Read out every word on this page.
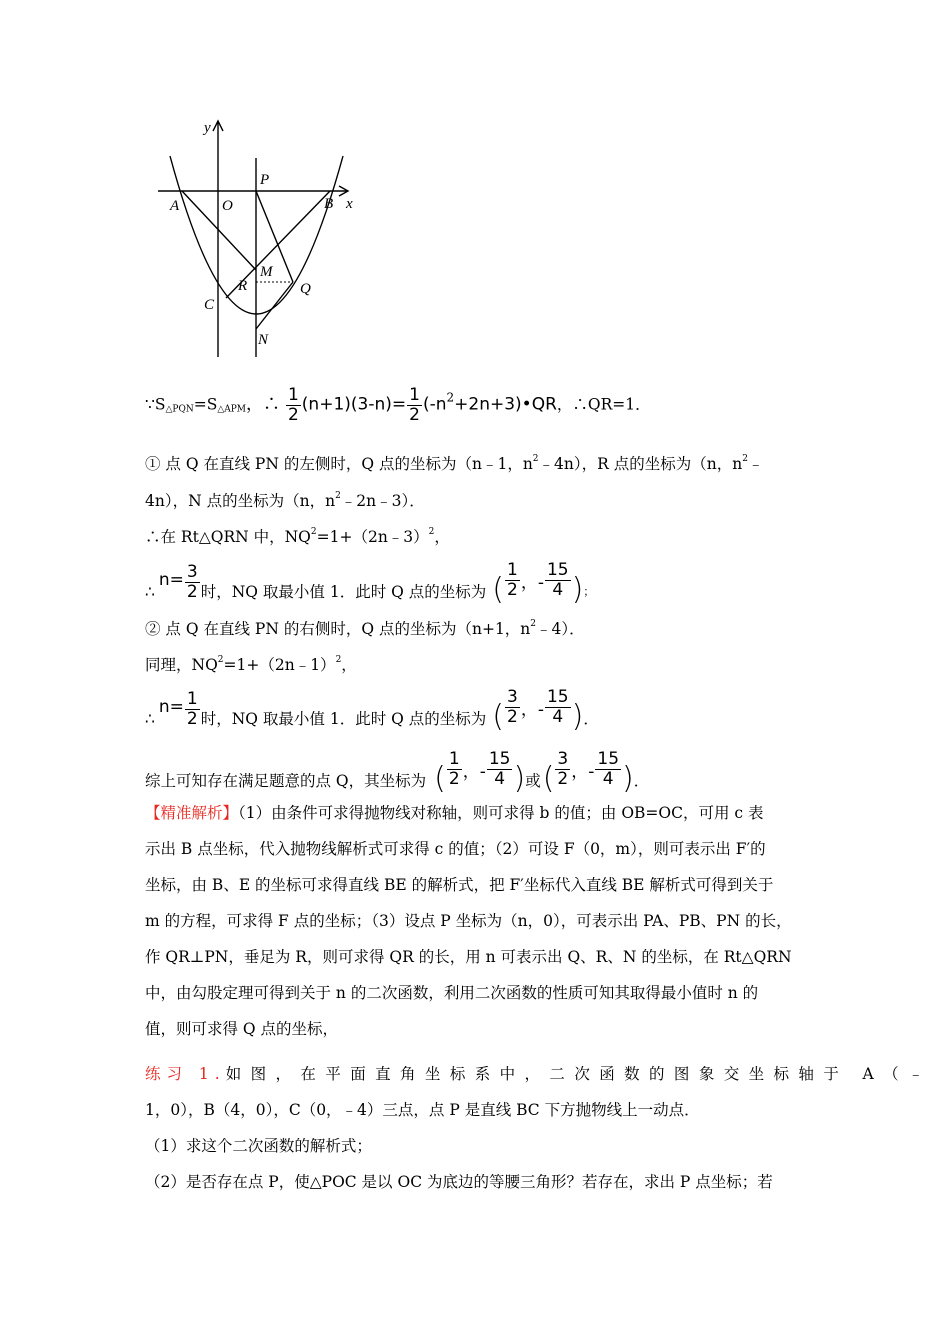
y
x
P
A	O	B
M
R	Q
C
N
$\because S_{\triangle PQN}=S_{\triangle APM}$，∴ $\frac{1}{2} (n+1)(3-n)= \frac{1}{2}$ $(-n^2+2n+3)•QR$，∴QR=1．
① 点 Q 在直线 PN 的左侧时，Q 点的坐标为（n﹣1，$n^2﹣4n$），R 点的坐标为（n，$n^2﹣$
4n），N 点的坐标为（n，$n^2﹣2n﹣3$）．
∴在 Rt△QRN 中，$NQ^2=1+(2n﹣3)^2$，
∴
$n= \frac{3}{2}$ 时，NQ 取最小值 1．此时 Q 点的坐标为 ( $\frac{1}{2}$ ， - $\frac{15}{4}$ ) ；
② 点 Q 在直线 PN 的右侧时，Q 点的坐标为（n+1，$n^2﹣4$）．
同理，$NQ^2=1+(2n﹣1)^2$，
∴
$n= \frac{1}{2}$ 时，NQ 取最小值 1．此时 Q 点的坐标为 ( $\frac{3}{2}$ ， - $\frac{15}{4}$ ) ．
综上可知存在满足题意的点 Q，其坐标为 ( $\frac{1}{2}$ ， - $\frac{15}{4}$ ) 或 ( $\frac{3}{2}$ ， - $\frac{15}{4}$ ) ．
【精准解析】（1）由条件可求得抛物线对称轴，则可求得 b 的值；由 OB=OC，可用 c 表
示出 B 点坐标，代入抛物线解析式可求得 c 的值；（2）可设 F（0，m），则可表示出 F′的
坐标，由 B、E 的坐标可求得直线 BE 的解析式，把 F′坐标代入直线 BE 解析式可得到关于
m 的方程，可求得 F 点的坐标；（3）设点 P 坐标为（n，0），可表示出 PA、PB、PN 的长，
作 QR⊥PN，垂足为 R，则可求得 QR 的长，用 n 可表示出 Q、R、N 的坐标，在 Rt△QRN
中，由勾股定理可得到关于 n 的二次函数，利用二次函数的性质可知其取得最小值时 n 的
值，则可求得 Q 点的坐标，
练习 1.如图，在平面直角坐标系中，二次函数的图象交坐标轴于 A（﹣
1，0），B（4，0），C（0，﹣4）三点，点 P 是直线 BC 下方抛物线上一动点．
（1）求这个二次函数的解析式；
（2）是否存在点 P，使△POC 是以 OC 为底边的等腰三角形？若存在，求出 P 点坐标；若
